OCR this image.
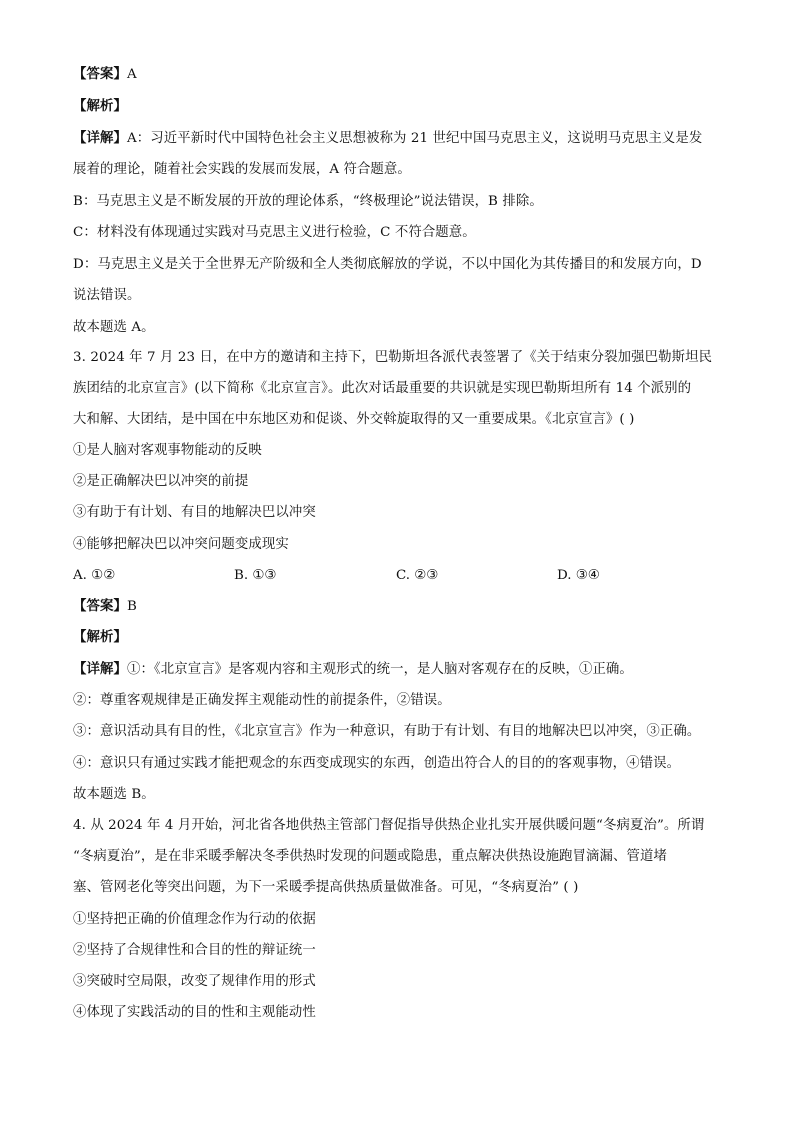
【答案】A
【解析】
【详解】A：习近平新时代中国特色社会主义思想被称为 21 世纪中国马克思主义，这说明马克思主义是发
展着的理论，随着社会实践的发展而发展，A 符合题意。
B：马克思主义是不断发展的开放的理论体系，“终极理论”说法错误，B 排除。
C：材料没有体现通过实践对马克思主义进行检验，C 不符合题意。
D：马克思主义是关于全世界无产阶级和全人类彻底解放的学说，不以中国化为其传播目的和发展方向，D
说法错误。
故本题选 A。
3. 2024 年 7 月 23 日，在中方的邀请和主持下，巴勒斯坦各派代表签署了《关于结束分裂加强巴勒斯坦民
族团结的北京宣言》(以下简称《北京宣言》。此次对话最重要的共识就是实现巴勒斯坦所有 14 个派别的
大和解、大团结，是中国在中东地区劝和促谈、外交斡旋取得的又一重要成果。《北京宣言》( )
①是人脑对客观事物能动的反映
②是正确解决巴以冲突的前提
③有助于有计划、有目的地解决巴以冲突
④能够把解决巴以冲突问题变成现实
A. ①②	B. ①③	C. ②③	D. ③④
【答案】B
【解析】
【详解】①：《北京宣言》是客观内容和主观形式的统一，是人脑对客观存在的反映，①正确。
②：尊重客观规律是正确发挥主观能动性的前提条件，②错误。
③：意识活动具有目的性，《北京宣言》作为一种意识，有助于有计划、有目的地解决巴以冲突，③正确。
④：意识只有通过实践才能把观念的东西变成现实的东西，创造出符合人的目的的客观事物，④错误。
故本题选 B。
4. 从 2024 年 4 月开始，河北省各地供热主管部门督促指导供热企业扎实开展供暖问题“冬病夏治”。所谓
“冬病夏治”，是在非采暖季解决冬季供热时发现的问题或隐患，重点解决供热设施跑冒滴漏、管道堵
塞、管网老化等突出问题，为下一采暖季提高供热质量做准备。可见，“冬病夏治” ( )
①坚持把正确的价值理念作为行动的依据
②坚持了合规律性和合目的性的辩证统一
③突破时空局限，改变了规律作用的形式
④体现了实践活动的目的性和主观能动性
